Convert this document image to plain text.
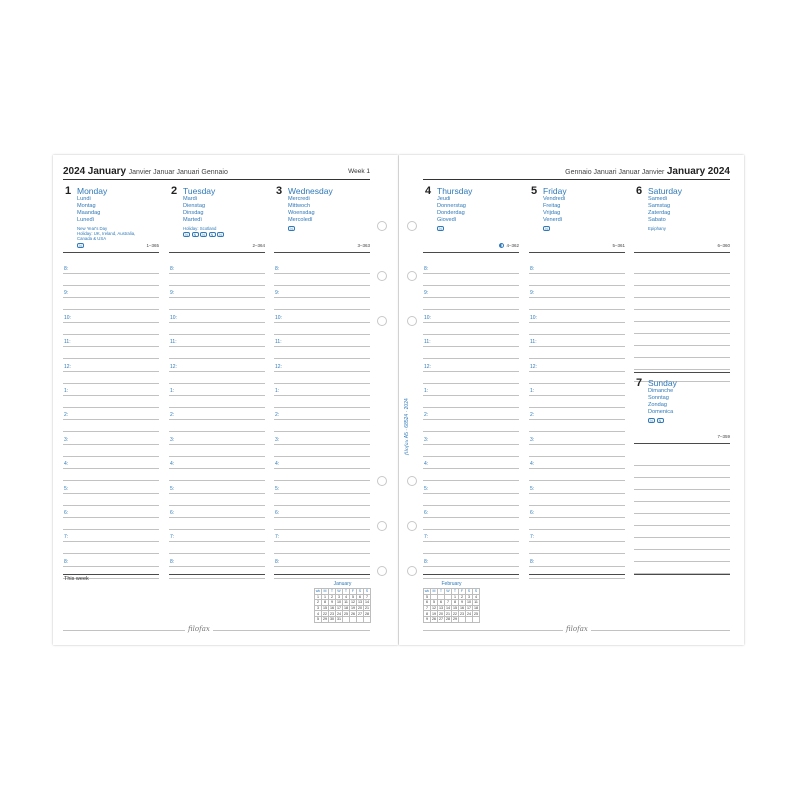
2024 January Janvier Januar Januari Gennaio	Week 1
1 Monday
Lundi
Montag
Maandag
Lunedì
New Year's Day
Holiday: UK, Ireland, Australia,
Canada & USA
N	1–365
8:
9:
10:
11:
12:
1:
2:
3:
4:
5:
6:
7:
8:
2 Tuesday
Mardi
Dienstag
Dinsdag
Martedì
Holiday: Scotland
N	N	N	N	N
2–364
8:
9:
10:
11:
12:
1:
2:
3:
4:
5:
6:
7:
8:
3 Wednesday
Mercredi
Mittwoch
Woensdag
Mercoledì
N
3–363
8:
9:
10:
11:
12:
1:
2:
3:
4:
5:
6:
7:
8:
This week
January
wk	M	T	W	T	F	S	S
1	1	2	3	4	5	6	7
2	8	9	10	11	12	13	14
3	15	16	17	18	19	20	21
4	22	23	24	25	26	27	28
5	29	30	31				
filofax
Gennaio Januari Januar Janvier January 2024
4 Thursday
Jeudi
Donnerstag
Donderdag
Giovedì
N
4–362
8:
9:
10:
11:
12:
1:
2:
3:
4:
5:
6:
7:
8:
5 Friday
Vendredi
Freitag
Vrijdag
Venerdì
N
5–361
8:
9:
10:
11:
12:
1:
2:
3:
4:
5:
6:
7:
8:
6 Saturday
Samedi
Samstag
Zaterdag
Sabato
Epiphany
6–360
7 Sunday
Dimanche
Sonntag
Zondag
Domenica
N	N
7–359
February
wk	M	T	W	T	F	S	S
5				1	2	3	4
6	5	6	7	8	9	10	11
7	12	13	14	15	16	17	18
8	19	20	21	22	23	24	25
9	26	27	28	29			
filofax
filofax A5 · 68524 · 2024
